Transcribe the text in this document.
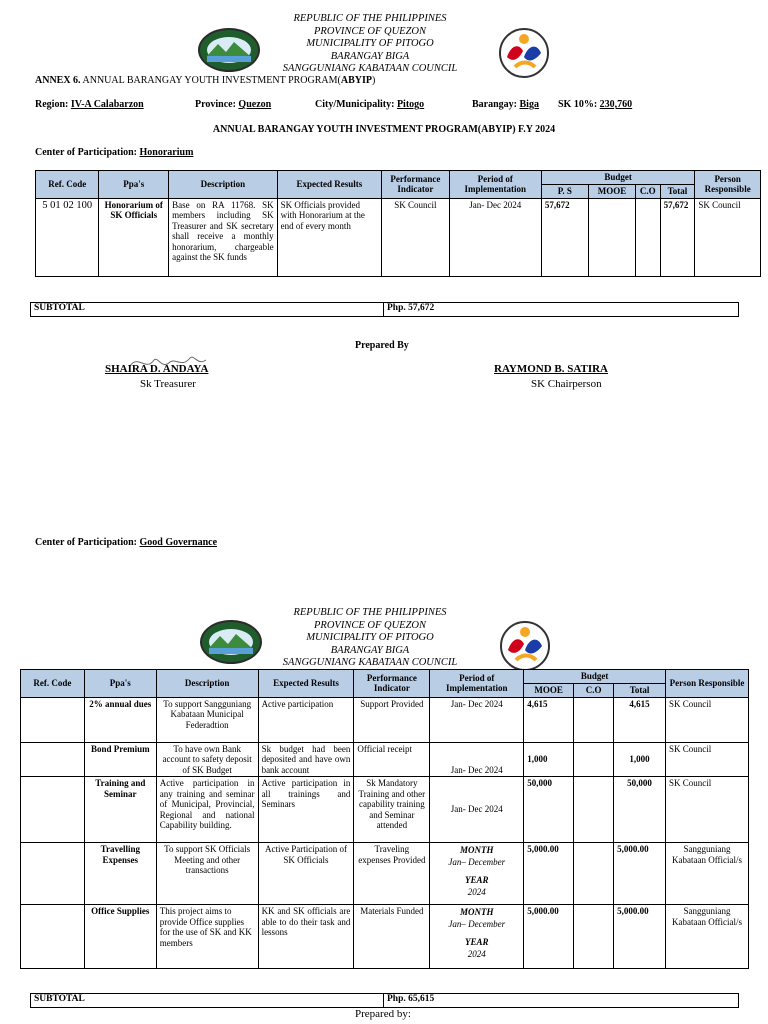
REPUBLIC OF THE PHILIPPINES
PROVINCE OF QUEZON
MUNICIPALITY OF PITOGO
BARANGAY BIGA
SANGGUNIANG KABATAAN COUNCIL
ANNEX 6. ANNUAL BARANGAY YOUTH INVESTMENT PROGRAM(ABYIP)
Region: IV-A Calabarzon	Province: Quezon	City/Municipality: Pitogo	Barangay: Biga SK 10%: 230,760
ANNUAL BARANGAY YOUTH INVESTMENT PROGRAM(ABYIP) F.Y 2024
Center of Participation: Honorarium
Ref. Code	Ppa's	Description	Expected Results	Performance Indicator	Period of Implementation	Budget				Person Responsible
						P. S	MOOE	C.O	Total	
5 01 02 100	Honorarium of SK Officials	Base on RA 11768. SK members including SK Treasurer and SK secretary shall receive a monthly honorarium, chargeable against the SK funds	SK Officials provided with Honorarium at the end of every month	SK Council	Jan- Dec 2024	57,672			57,672	SK Council
SUBTOTAL	Php. 57,672
Prepared By
SHAIRA D. ANDAYA
Sk Treasurer
RAYMOND B. SATIRA
SK Chairperson
Center of Participation: Good Governance
REPUBLIC OF THE PHILIPPINES
PROVINCE OF QUEZON
MUNICIPALITY OF PITOGO
BARANGAY BIGA
SANGGUNIANG KABATAAN COUNCIL
Ref. Code	Ppa's	Description	Expected Results	Performance Indicator	Period of Implementation	Budget			Person Responsible
						MOOE	C.O	Total	
	2% annual dues	To support Sangguniang Kabataan Municipal Federadtion	Active participation	Support Provided	Jan- Dec 2024	4,615		4,615	SK Council
	Bond Premium	To have own Bank account to safety deposit of SK Budget	Sk budget had been deposited and have own bank account	Official receipt	Jan- Dec 2024	1,000		1,000	SK Council
	Training and Seminar	Active participation in any training and seminar of Municipal, Provincial, Regional and national Capability building.	Active participation in all trainings and Seminars	Sk Mandatory Training and other capability training and Seminar attended	Jan- Dec 2024	50,000		50,000	SK Council
	Travelling Expenses	To support SK Officials Meeting and other transactions	Active Participation of SK Officials	Traveling expenses Provided	MONTH
Jan– December
YEAR
2024	5,000.00		5,000.00	Sangguniang Kabataan Official/s
	Office Supplies	This project aims to provide Office supplies for the use of SK and KK members	KK and SK officials are able to do their task and lessons	Materials Funded	MONTH
Jan– December
YEAR
2024	5,000.00		5,000.00	Sangguniang Kabataan Official/s
SUBTOTAL	Php. 65,615
Prepared by:
